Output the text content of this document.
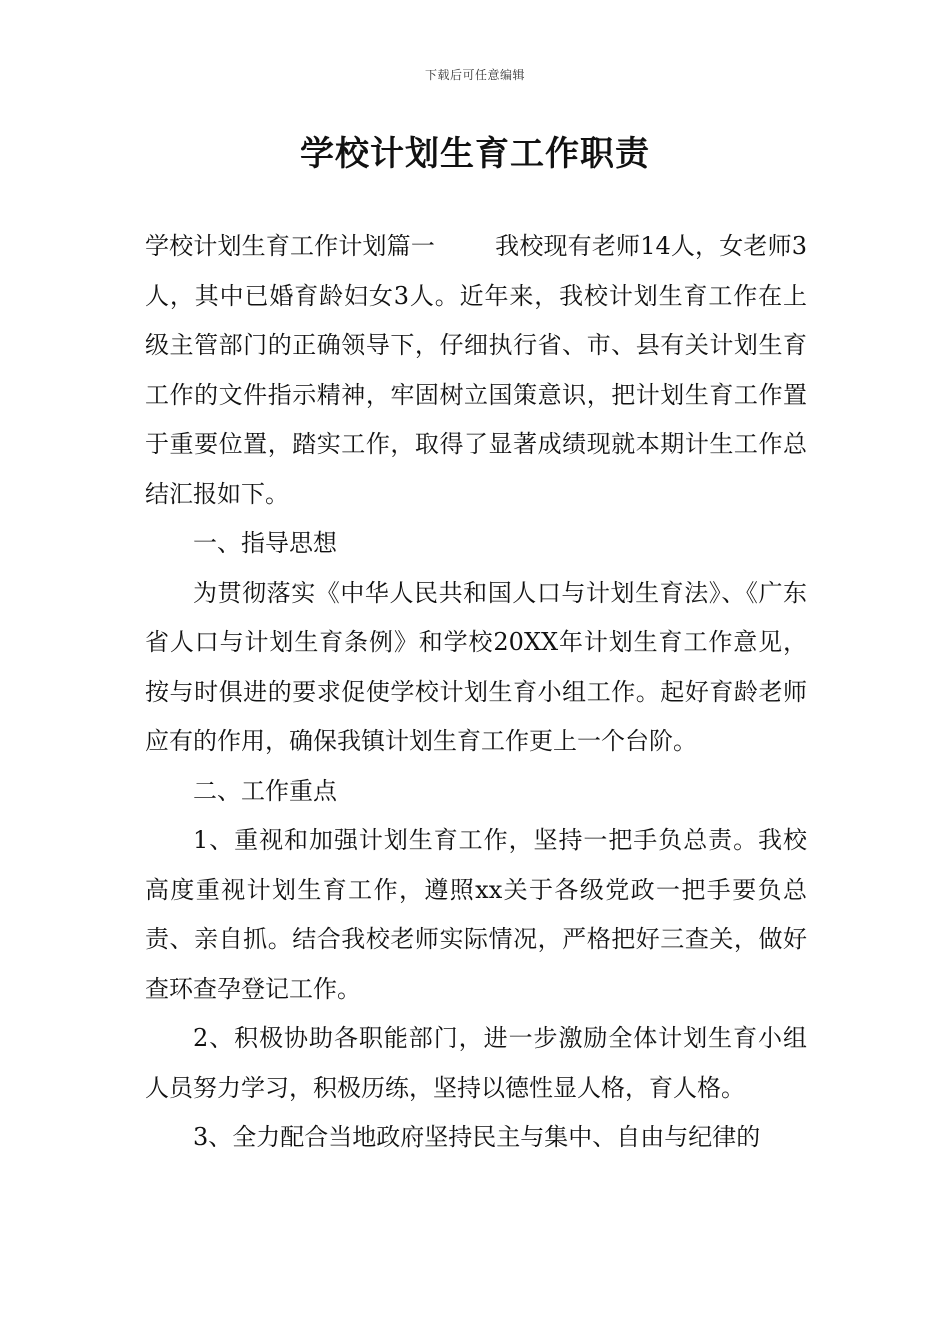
下载后可任意编辑
学校计划生育工作职责

学校计划生育工作计划篇一	我校现有老师14人，女老师3人，其中已婚育龄妇女3人。近年来，我校计划生育工作在上级主管部门的正确领导下，仔细执行省、市、县有关计划生育工作的文件指示精神，牢固树立国策意识，把计划生育工作置于重要位置，踏实工作，取得了显著成绩现就本期计生工作总结汇报如下。

一、指导思想

为贯彻落实《中华人民共和国人口与计划生育法》、《广东省人口与计划生育条例》和学校20XX年计划生育工作意见，按与时俱进的要求促使学校计划生育小组工作。起好育龄老师应有的作用，确保我镇计划生育工作更上一个台阶。

二、工作重点

1、重视和加强计划生育工作，坚持一把手负总责。我校高度重视计划生育工作，遵照xx关于各级党政一把手要负总责、亲自抓。结合我校老师实际情况，严格把好三查关，做好查环查孕登记工作。

2、积极协助各职能部门，进一步激励全体计划生育小组人员努力学习，积极历练，坚持以德性显人格，育人格。

3、全力配合当地政府坚持民主与集中、自由与纪律的
